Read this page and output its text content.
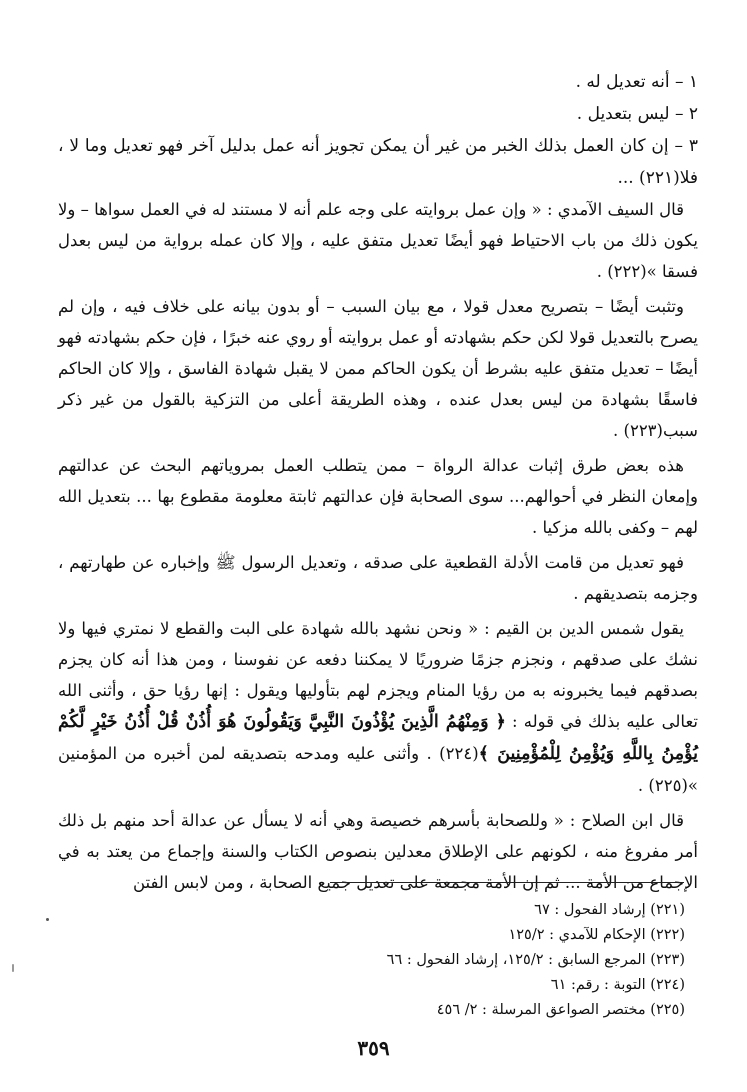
١ – أنه تعديل له .

٢ – ليس بتعديل .

٣ – إن كان العمل بذلك الخبر من غير أن يمكن تجويز أنه عمل بدليل آخر فهو تعديل وما لا ، فلا(٢٢١) ...

قال السيف الآمدي : « وإن عمل بروايته على وجه علم أنه لا مستند له في العمل سواها – ولا يكون ذلك من باب الاحتياط فهو أيضًا تعديل متفق عليه ، وإلا كان عمله برواية من ليس بعدل فسقا »(٢٢٢) .

وتثبت أيضًا – بتصريح معدل قولا ، مع بيان السبب – أو بدون بيانه على خلاف فيه ، وإن لم يصرح بالتعديل قولا لكن حكم بشهادته أو عمل بروايته أو روي عنه خبرًا ، فإن حكم بشهادته فهو أيضًا – تعديل متفق عليه بشرط أن يكون الحاكم ممن لا يقبل شهادة الفاسق ، وإلا كان الحاكم فاسقًا بشهادة من ليس بعدل عنده ، وهذه الطريقة أعلى من التزكية بالقول من غير ذكر سبب(٢٢٣) .

هذه بعض طرق إثبات عدالة الرواة – ممن يتطلب العمل بمروياتهم البحث عن عدالتهم وإمعان النظر في أحوالهم... سوى الصحابة فإن عدالتهم ثابتة معلومة مقطوع بها ... بتعديل الله لهم – وكفى بالله مزكيا .

فهو تعديل من قامت الأدلة القطعية على صدقه ، وتعديل الرسول ﷺ وإخباره عن طهارتهم ، وجزمه بتصديقهم .

يقول شمس الدين بن القيم : « ونحن نشهد بالله شهادة على البت والقطع لا نمتري فيها ولا نشك على صدقهم ، ونجزم جزمًا ضروريًا لا يمكننا دفعه عن نفوسنا ، ومن هذا أنه كان يجزم بصدقهم فيما يخبرونه به من رؤيا المنام ويجزم لهم بتأوليها ويقول : إنها رؤيا حق ، وأثنى الله تعالى عليه بذلك في قوله : ﴿ وَمِنْهُمُ الَّذِينَ يُؤْذُونَ النَّبِيَّ وَيَقُولُونَ هُوَ أُذُنٌ قُلْ أُذُنُ خَيْرٍ لَّكُمْ يُؤْمِنُ بِاللَّهِ وَيُؤْمِنُ لِلْمُؤْمِنِينَ ﴾(٢٢٤) . وأثنى عليه ومدحه بتصديقه لمن أخبره من المؤمنين »(٢٢٥) .

قال ابن الصلاح : « وللصحابة بأسرهم خصيصة وهي أنه لا يسأل عن عدالة أحد منهم بل ذلك أمر مفروغ منه ، لكونهم على الإطلاق معدلين بنصوص الكتاب والسنة وإجماع من يعتد به في الإجماع من الأمة ... ثم إن الأمة مجمعة على تعديل جميع الصحابة ، ومن لابس الفتن

(٢٢١) إرشاد الفحول : ٦٧

(٢٢٢) الإحكام للآمدي : ١٢٥/٢

(٢٢٣) المرجع السابق : ١٢٥/٢، إرشاد الفحول : ٦٦

(٢٢٤) التوبة : رقم: ٦١

(٢٢٥) مختصر الصواعق المرسلة : ٢/ ٤٥٦

٣٥٩
